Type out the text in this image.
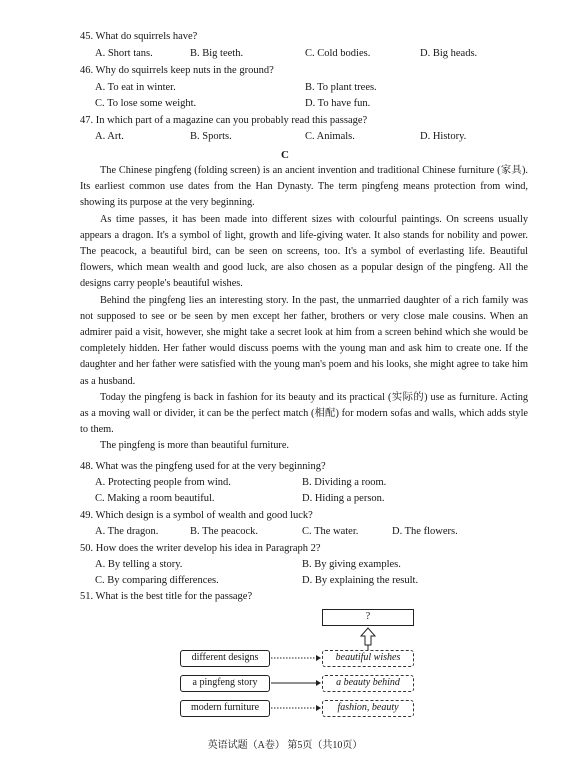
45. What do squirrels have?
A. Short tans.	B. Big teeth.	C. Cold bodies.	D. Big heads.
46. Why do squirrels keep nuts in the ground?
A. To eat in winter.	B. To plant trees.
C. To lose some weight.	D. To have fun.
47. In which part of a magazine can you probably read this passage?
A. Art.	B. Sports.	C. Animals.	D. History.
C

The Chinese pingfeng (folding screen) is an ancient invention and traditional Chinese furniture (家具). Its earliest common use dates from the Han Dynasty. The term pingfeng means protection from wind, showing its purpose at the very beginning.

As time passes, it has been made into different sizes with colourful paintings. On screens usually appears a dragon. It's a symbol of light, growth and life-giving water. It also stands for nobility and power. The peacock, a beautiful bird, can be seen on screens, too. It's a symbol of everlasting life. Beautiful flowers, which mean wealth and good luck, are also chosen as a popular design of the pingfeng. All the designs carry people's beautiful wishes.

Behind the pingfeng lies an interesting story. In the past, the unmarried daughter of a rich family was not supposed to see or be seen by men except her father, brothers or very close male cousins. When an admirer paid a visit, however, she might take a secret look at him from a screen behind which she would be completely hidden. Her father would discuss poems with the young man and ask him to create one. If the daughter and her father were satisfied with the young man's poem and his looks, she might agree to take him as a husband.

Today the pingfeng is back in fashion for its beauty and its practical (实际的) use as furniture. Acting as a moving wall or divider, it can be the perfect match (相配) for modern sofas and walls, which adds style to them.

The pingfeng is more than beautiful furniture.

48. What was the pingfeng used for at the very beginning?
A. Protecting people from wind.	B. Dividing a room.
C. Making a room beautiful.	D. Hiding a person.
49. Which design is a symbol of wealth and good luck?
A. The dragon.	B. The peacock.	C. The water.	D. The flowers.
50. How does the writer develop his idea in Paragraph 2?
A. By telling a story.	B. By giving examples.
C. By comparing differences.	D. By explaining the result.
51. What is the best title for the passage?
?
different designs
a pingfeng story
modern furniture
beautiful wishes
a beauty behind
fashion, beauty
英语试题（A卷） 第5页（共10页）
